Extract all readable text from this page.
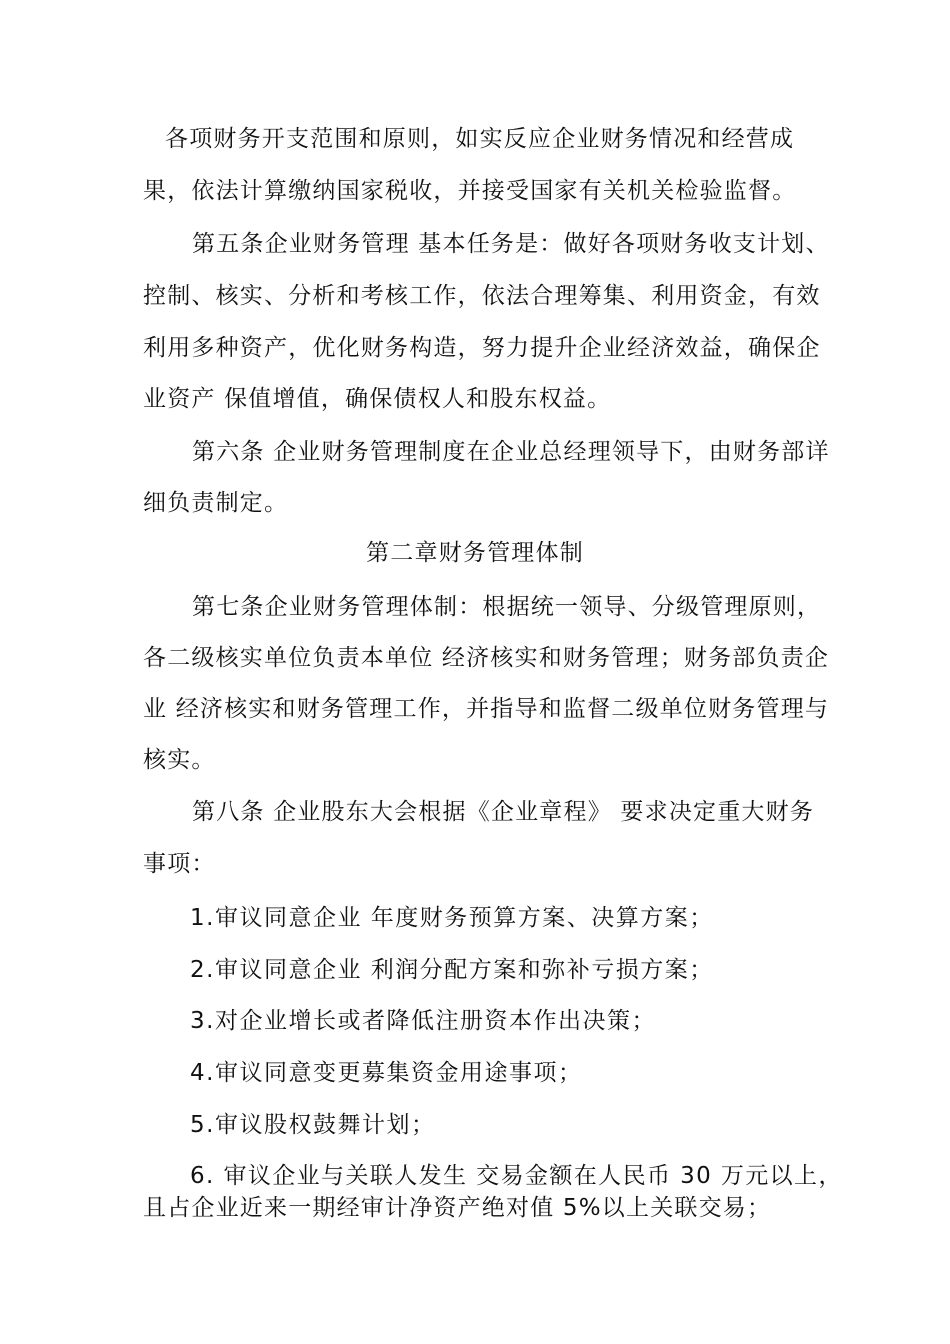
各项财务开支范围和原则，如实反应企业财务情况和经营成
果，依法计算缴纳国家税收，并接受国家有关机关检验监督。
第五条企业财务管理 基本任务是：做好各项财务收支计划、
控制、核实、分析和考核工作，依法合理筹集、利用资金，有效
利用多种资产，优化财务构造，努力提升企业经济效益，确保企
业资产 保值增值，确保债权人和股东权益。
第六条 企业财务管理制度在企业总经理领导下，由财务部详
细负责制定。
第二章财务管理体制
第七条企业财务管理体制：根据统一领导、分级管理原则，
各二级核实单位负责本单位 经济核实和财务管理；财务部负责企
业 经济核实和财务管理工作，并指导和监督二级单位财务管理与
核实。
第八条 企业股东大会根据《企业章程》 要求决定重大财务
事项：
1.审议同意企业 年度财务预算方案、决算方案；
2.审议同意企业 利润分配方案和弥补亏损方案；
3.对企业增长或者降低注册资本作出决策；
4.审议同意变更募集资金用途事项；
5.审议股权鼓舞计划；
6. 审议企业与关联人发生 交易金额在人民币 30 万元以上，
且占企业近来一期经审计净资产绝对值 5%以上关联交易；
